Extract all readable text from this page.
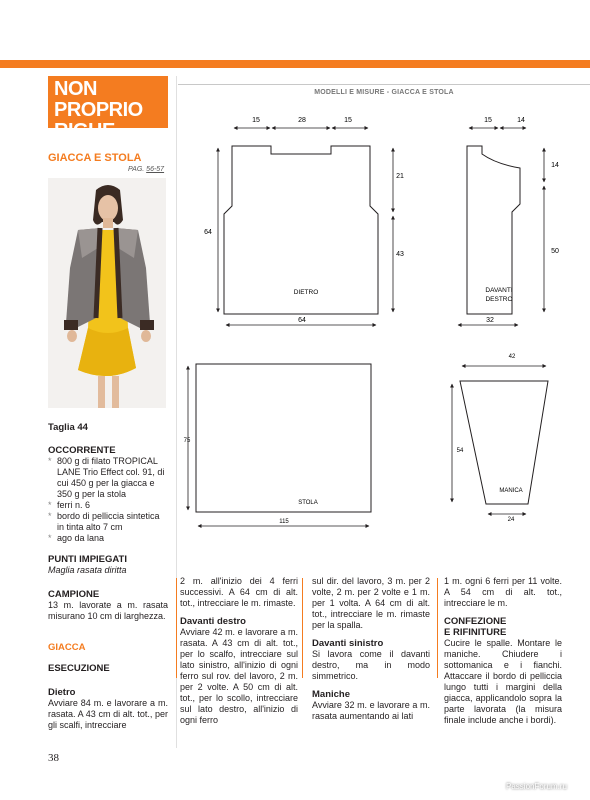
NON PROPRIO
RIGHE
GIACCA E STOLA
PAG. 56-57
Taglia 44
OCCORRENTE
* 800 g di filato TROPICAL LANE Trio Effect col. 91, di cui 450 g per la giacca e 350 g per la stola
* ferri n. 6
* bordo di pelliccia sintetica in tinta alto 7 cm
* ago da lana
PUNTI IMPIEGATI
Maglia rasata diritta
CAMPIONE
13 m. lavorate a m. rasata misurano 10 cm di larghezza.
GIACCA
ESECUZIONE
Dietro
Avviare 84 m. e lavorare a m. rasata. A 43 cm di alt. tot., per gli scalfi, intrecciare
MODELLI E MISURE - GIACCA E STOLA
15	28	15
21
43
64
64
DIETRO
15	14
14
50
32
DAVANTI
DESTRO
75
115
STOLA
42
54
24
MANICA

2 m. all'inizio dei 4 ferri successivi. A 64 cm di alt. tot., intrecciare le m. rimaste.

Davanti destro

Avviare 42 m. e lavorare a m. rasata. A 43 cm di alt. tot., per lo scalfo, intrecciare sul lato sinistro, all'inizio di ogni ferro sul rov. del lavoro, 2 m. per 2 volte. A 50 cm di alt. tot., per lo scollo, intrecciare sul lato destro, all'inizio di ogni ferro

sul dir. del lavoro, 3 m. per 2 volte, 2 m. per 2 volte e 1 m. per 1 volta. A 64 cm di alt. tot., intrecciare le m. rimaste per la spalla.

Davanti sinistro

Si lavora come il davanti destro, ma in modo simmetrico.

Maniche

Avviare 32 m. e lavorare a m. rasata aumentando ai lati

1 m. ogni 6 ferri per 11 volte. A 54 cm di alt. tot., intrecciare le m.

CONFEZIONE
E RIFINITURE

Cucire le spalle. Montare le maniche. Chiudere i sottomanica e i fianchi. Attaccare il bordo di pelliccia lungo tutti i margini della giacca, applicandolo sopra la parte lavorata (la misura finale include anche i bordi).

38
PassionForum.ru
